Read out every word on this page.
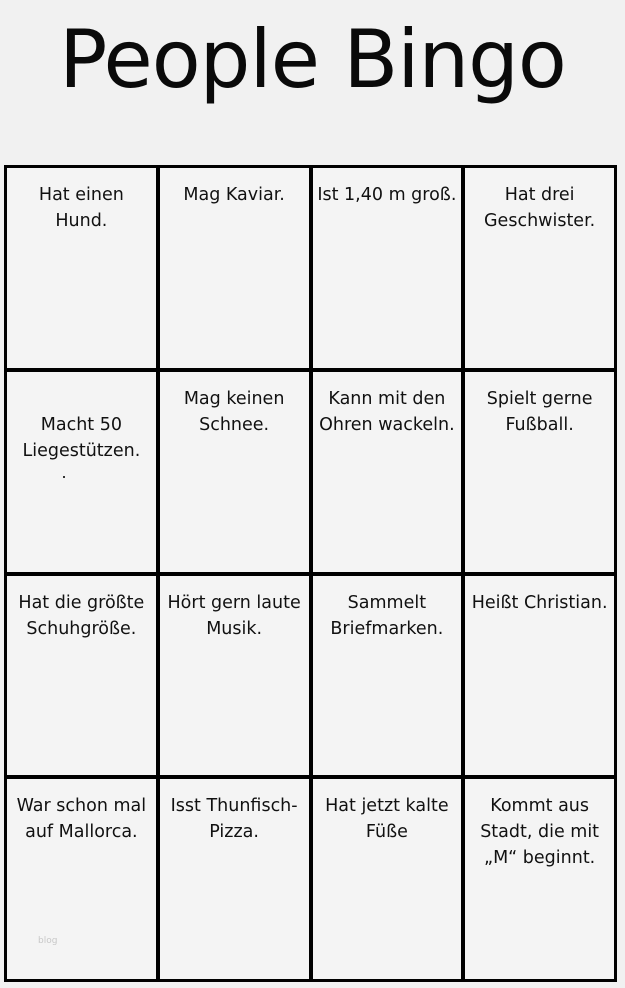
People Bingo
Hat einen Hund.
Mag Kaviar.	Ist 1,40 m groß.	Hat drei
Geschwister.

Macht 50
Liegestützen.

Mag keinen
Schnee.
Kann mit den
Ohren wackeln.
Spielt gerne
Fußball.
Hat die größte
Schuhgröße.
Hört gern laute
Musik.
Sammelt
Briefmarken.
Heißt Christian.
War schon mal
auf Mallorca.
Isst Thunfisch-
Pizza.
Hat jetzt kalte
Füße
Kommt aus
Stadt, die mit
„M“ beginnt.
blog
